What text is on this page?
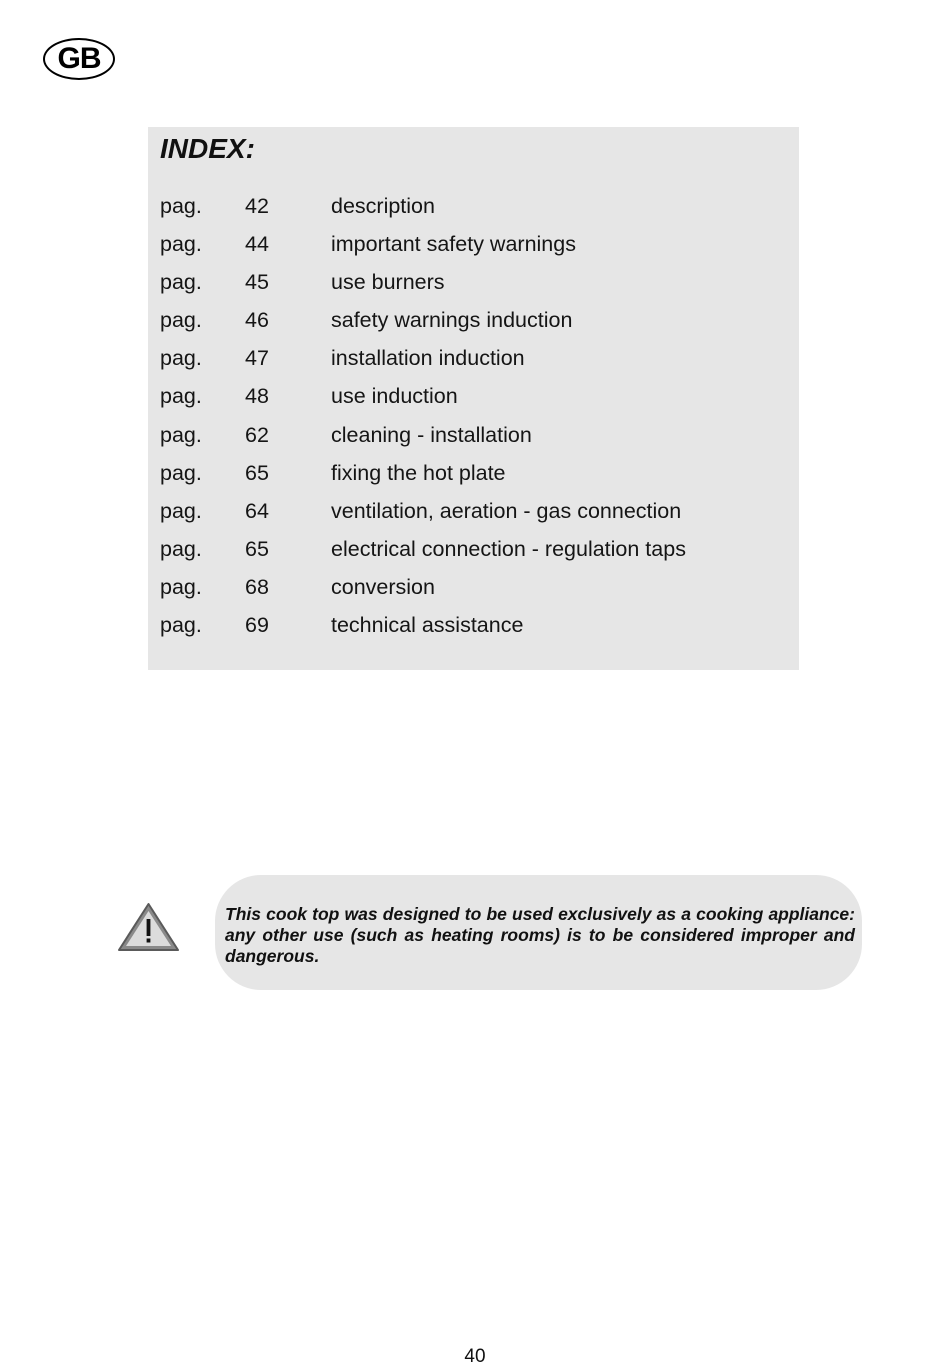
GB
INDEX:
pag.	42	description
pag.	44	important safety warnings
pag.	45	use burners
pag.	46	safety warnings induction
pag.	47	installation induction
pag.	48	use induction
pag.	62	cleaning - installation
pag.	65	fixing the hot plate
pag.	64	ventilation, aeration - gas connection
pag.	65	electrical connection - regulation taps
pag.	68	conversion
pag.	69	technical assistance

This cook top was designed to be used exclusively as a cooking appliance: any other use (such as heating rooms) is to be considered improper and dangerous.

40
